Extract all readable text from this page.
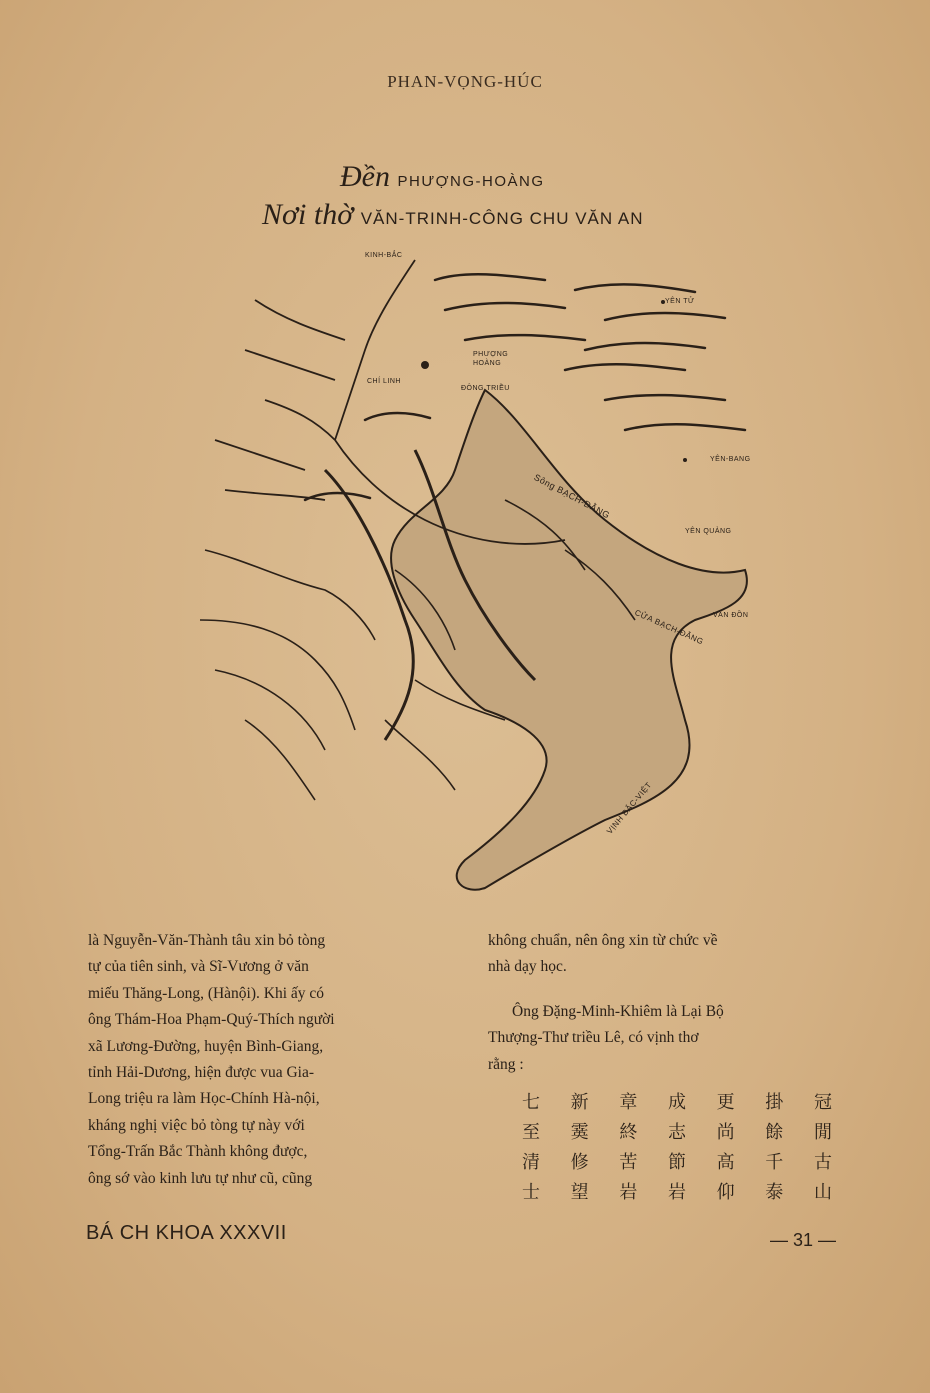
PHAN-VỌNG-HÚC
Đền PHƯỢNG-HOÀNG
Nơi thờ VĂN-TRINH-CÔNG CHU VĂN AN
KINH-BẮC
YÊN TỬ
PHƯỢNG HOÀNG
CHÍ LINH
ĐÔNG TRIỀU
YÊN-BANG
Sông BẠCH-ĐẰNG
YÊN QUẢNG
VÂN ĐỒN
CỬA BẠCH-ĐẰNG
VỊNH BẮC-VIỆT

là Nguyễn-Văn-Thành tâu xin bỏ tòng

tự của tiên sinh, và Sĩ-Vương ở văn

miếu Thăng-Long, (Hànội). Khi ấy có

ông Thám-Hoa Phạm-Quý-Thích người

xã Lương-Đường, huyện Bình-Giang,

tỉnh Hải-Dương, hiện được vua Gia-

Long triệu ra làm Học-Chính Hà-nội,

kháng nghị việc bỏ tòng tự này với

Tổng-Trấn Bắc Thành không được,

ông sớ vào kinh lưu tự như cũ, cũng

không chuẩn, nên ông xin từ chức về

nhà dạy học.

Ông Đặng-Minh-Khiêm là Lại Bộ

Thượng-Thư triều Lê, có vịnh thơ

rằng :

七 新 章 成 更 掛 冠
至 霙 終 志 尚 餘 閒
清 修 苦 節 高 千 古
士 望 岩 岩 仰 泰 山
BÁ CH KHOA XXXVII	— 31 —
